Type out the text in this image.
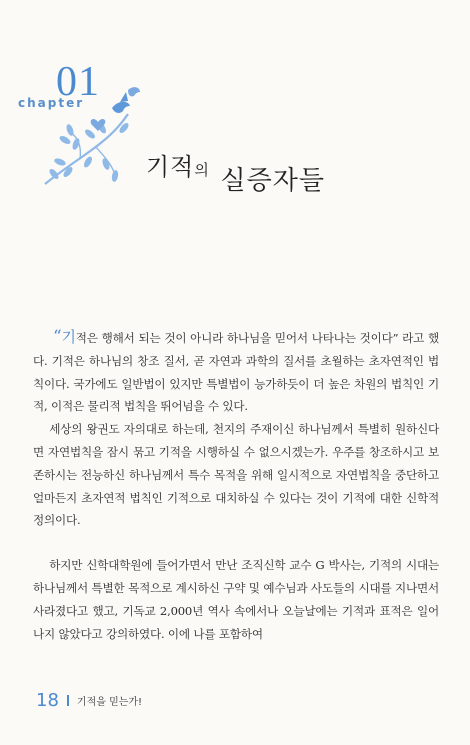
chapter
01
기적의 실증자들

“기적은 행해서 되는 것이 아니라 하나님을 믿어서 나타나는 것이다” 라고 했다. 기적은 하나님의 창조 질서, 곧 자연과 과학의 질서를 초월하는 초자연적인 법칙이다. 국가에도 일반법이 있지만 특별법이 능가하듯이 더 높은 차원의 법칙인 기적, 이적은 물리적 법칙을 뛰어넘을 수 있다.

세상의 왕권도 자의대로 하는데, 천지의 주재이신 하나님께서 특별히 원하신다면 자연법칙을 잠시 묶고 기적을 시행하실 수 없으시겠는가. 우주를 창조하시고 보존하시는 전능하신 하나님께서 특수 목적을 위해 일시적으로 자연법칙을 중단하고 얼마든지 초자연적 법칙인 기적으로 대치하실 수 있다는 것이 기적에 대한 신학적 정의이다.

하지만 신학대학원에 들어가면서 만난 조직신학 교수 G 박사는, 기적의 시대는 하나님께서 특별한 목적으로 계시하신 구약 및 예수님과 사도들의 시대를 지나면서 사라졌다고 했고, 기독교 2,000년 역사 속에서나 오늘날에는 기적과 표적은 일어나지 않았다고 강의하였다. 이에 나를 포함하여

18 기적을 믿는가!
